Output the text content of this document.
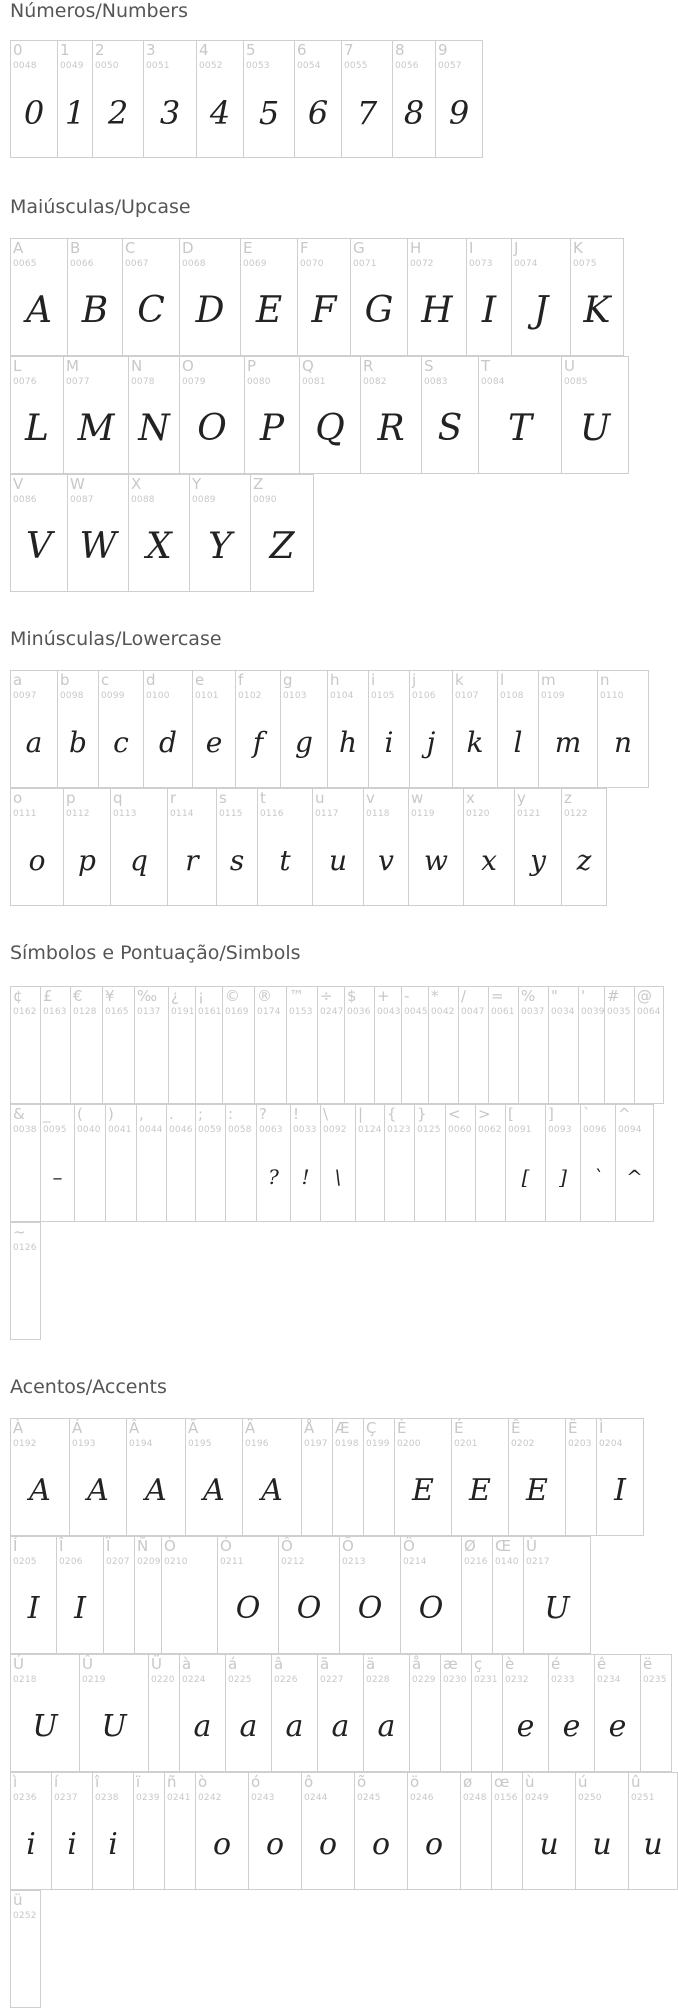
Números/Numbers
0
0048
0
1
0049
1
2
0050
2
3
0051
3
4
0052
4
5
0053
5
6
0054
6
7
0055
7
8
0056
8
9
0057
9
Maiúsculas/Upcase
A
0065
A
B
0066
B
C
0067
C
D
0068
D
E
0069
E
F
0070
F
G
0071
G
H
0072
H
I
0073
I
J
0074
J
K
0075
K
L
0076
L
M
0077
M
N
0078
N
O
0079
O
P
0080
P
Q
0081
Q
R
0082
R
S
0083
S
T
0084
T
U
0085
U
V
0086
V
W
0087
W
X
0088
X
Y
0089
Y
Z
0090
Z
Minúsculas/Lowercase
a
0097
a
b
0098
b
c
0099
c
d
0100
d
e
0101
e
f
0102
f
g
0103
g
h
0104
h
i
0105
i
j
0106
j
k
0107
k
l
0108
l
m
0109
m
n
0110
n
o
0111
o
p
0112
p
q
0113
q
r
0114
r
s
0115
s
t
0116
t
u
0117
u
v
0118
v
w
0119
w
x
0120
x
y
0121
y
z
0122
z
Símbolos e Pontuação/Simbols
¢
0162
£
0163
€
0128
¥
0165
‰
0137
¿
0191
¡
0161
©
0169
®
0174
™
0153
÷
0247
$
0036
+
0043
-
0045
*
0042
/
0047
=
0061
%
0037
"
0034
'
0039
#
0035
@
0064
&
0038
_
0095
–
(
0040
)
0041
,
0044
.
0046
;
0059
:
0058
?
0063
?
!
0033
!
\
0092
\
|
0124
{
0123
}
0125
<
0060
>
0062
[
0091
[
]
0093
]
`
0096
`
^
0094
^
~
0126
Acentos/Accents
À
0192
A
Á
0193
A
Â
0194
A
Ã
0195
A
Ä
0196
A
Å
0197
Æ
0198
Ç
0199
È
0200
E
É
0201
E
Ê
0202
E
Ë
0203
Ì
0204
I
Í
0205
I
Î
0206
I
Ï
0207
Ñ
0209
Ò
0210
Ó
0211
O
Ô
0212
O
Õ
0213
O
Ö
0214
O
Ø
0216
Œ
0140
Ù
0217
U
Ú
0218
U
Û
0219
U
Ü
0220
à
0224
a
á
0225
a
â
0226
a
ã
0227
a
ä
0228
a
å
0229
æ
0230
ç
0231
è
0232
e
é
0233
e
ê
0234
e
ë
0235
ì
0236
i
í
0237
i
î
0238
i
ï
0239
ñ
0241
ò
0242
o
ó
0243
o
ô
0244
o
õ
0245
o
ö
0246
o
ø
0248
œ
0156
ù
0249
u
ú
0250
u
û
0251
u
ü
0252
